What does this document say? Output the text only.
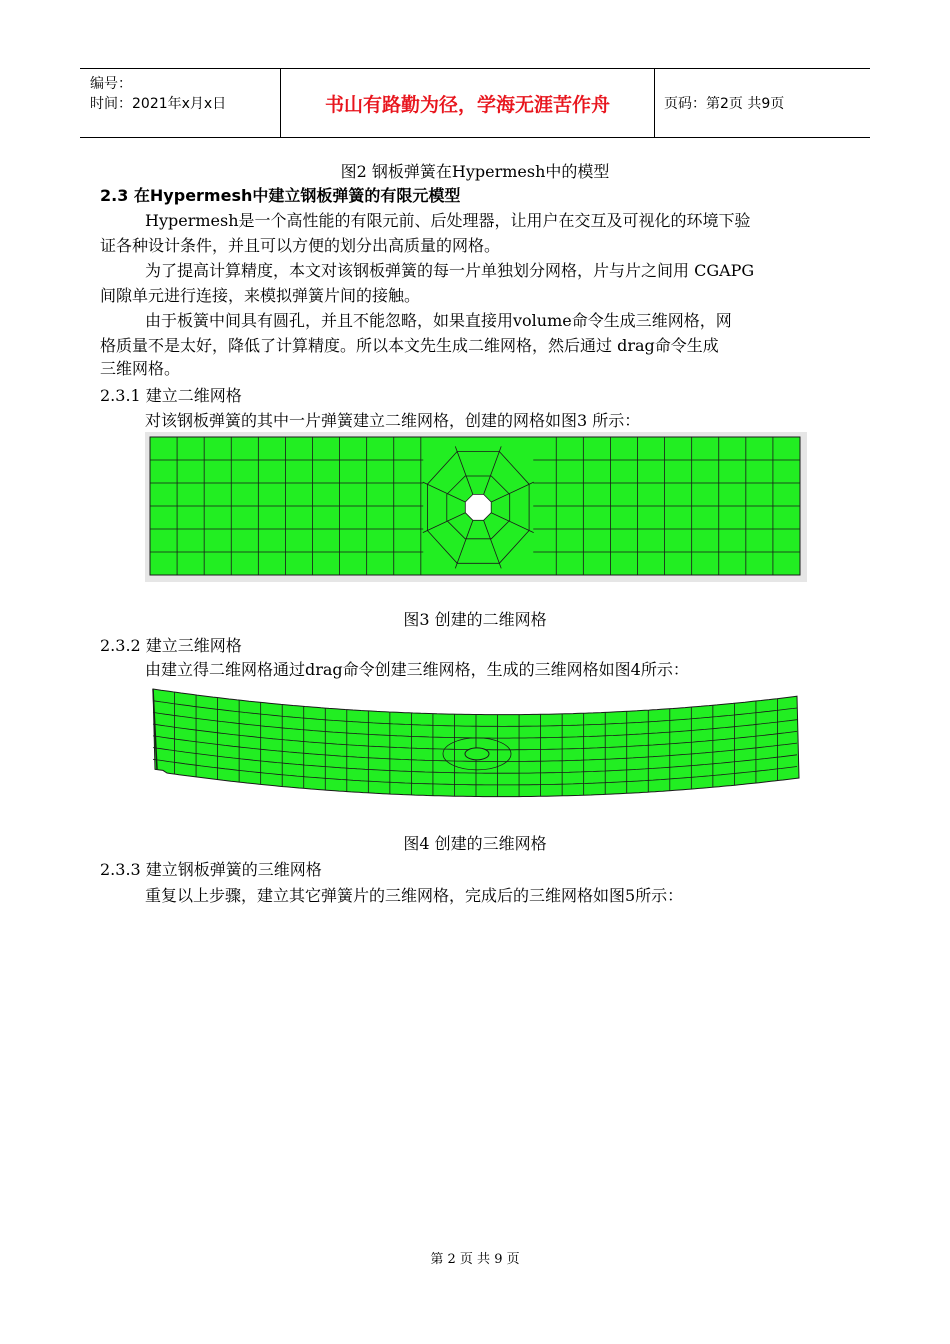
编号：
时间：2021年x月x日	书山有路勤为径，学海无涯苦作舟	页码：第2页 共9页
图2 钢板弹簧在Hypermesh中的模型
2.3 在Hypermesh中建立钢板弹簧的有限元模型
Hypermesh是一个高性能的有限元前、后处理器，让用户在交互及可视化的环境下验
证各种设计条件，并且可以方便的划分出高质量的网格。
为了提高计算精度，本文对该钢板弹簧的每一片单独划分网格，片与片之间用 CGAPG
间隙单元进行连接，来模拟弹簧片间的接触。
由于板簧中间具有圆孔，并且不能忽略，如果直接用volume命令生成三维网格，网
格质量不是太好，降低了计算精度。所以本文先生成二维网格，然后通过 drag命令生成
三维网格。
2.3.1 建立二维网格
对该钢板弹簧的其中一片弹簧建立二维网格，创建的网格如图3 所示：
图3 创建的二维网格
2.3.2 建立三维网格
由建立得二维网格通过drag命令创建三维网格，生成的三维网格如图4所示：
图4 创建的三维网格
2.3.3 建立钢板弹簧的三维网格
重复以上步骤，建立其它弹簧片的三维网格，完成后的三维网格如图5所示：
第 2 页 共 9 页
